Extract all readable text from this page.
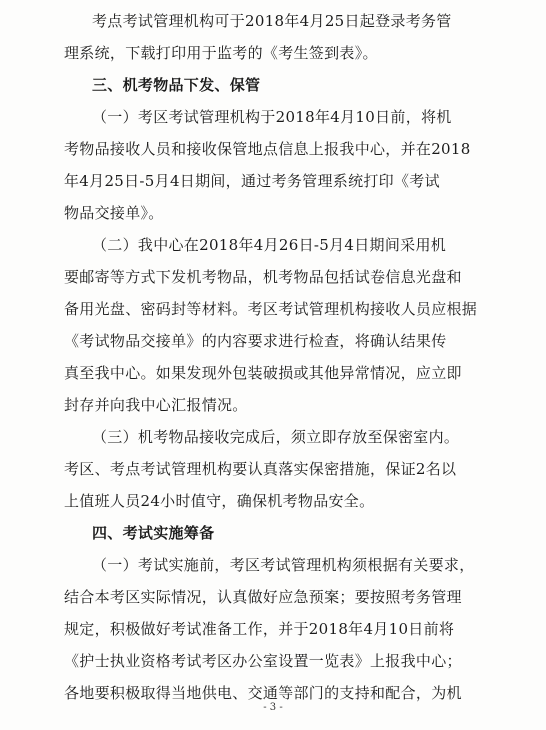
考点考试管理机构可于2018年4月25日起登录考务管
理系统，下载打印用于监考的《考生签到表》。
三、机考物品下发、保管
（一）考区考试管理机构于2018年4月10日前，将机
考物品接收人员和接收保管地点信息上报我中心，并在2018
年4月25日-5月4日期间，通过考务管理系统打印《考试
物品交接单》。
（二）我中心在2018年4月26日-5月4日期间采用机
要邮寄等方式下发机考物品，机考物品包括试卷信息光盘和
备用光盘、密码封等材料。考区考试管理机构接收人员应根据
《考试物品交接单》的内容要求进行检查，将确认结果传
真至我中心。如果发现外包装破损或其他异常情况，应立即
封存并向我中心汇报情况。
（三）机考物品接收完成后，须立即存放至保密室内。
考区、考点考试管理机构要认真落实保密措施，保证2名以
上值班人员24小时值守，确保机考物品安全。
四、考试实施筹备
（一）考试实施前，考区考试管理机构须根据有关要求，
结合本考区实际情况，认真做好应急预案；要按照考务管理
规定，积极做好考试准备工作，并于2018年4月10日前将
《护士执业资格考试考区办公室设置一览表》上报我中心；
各地要积极取得当地供电、交通等部门的支持和配合，为机
- 3 -
